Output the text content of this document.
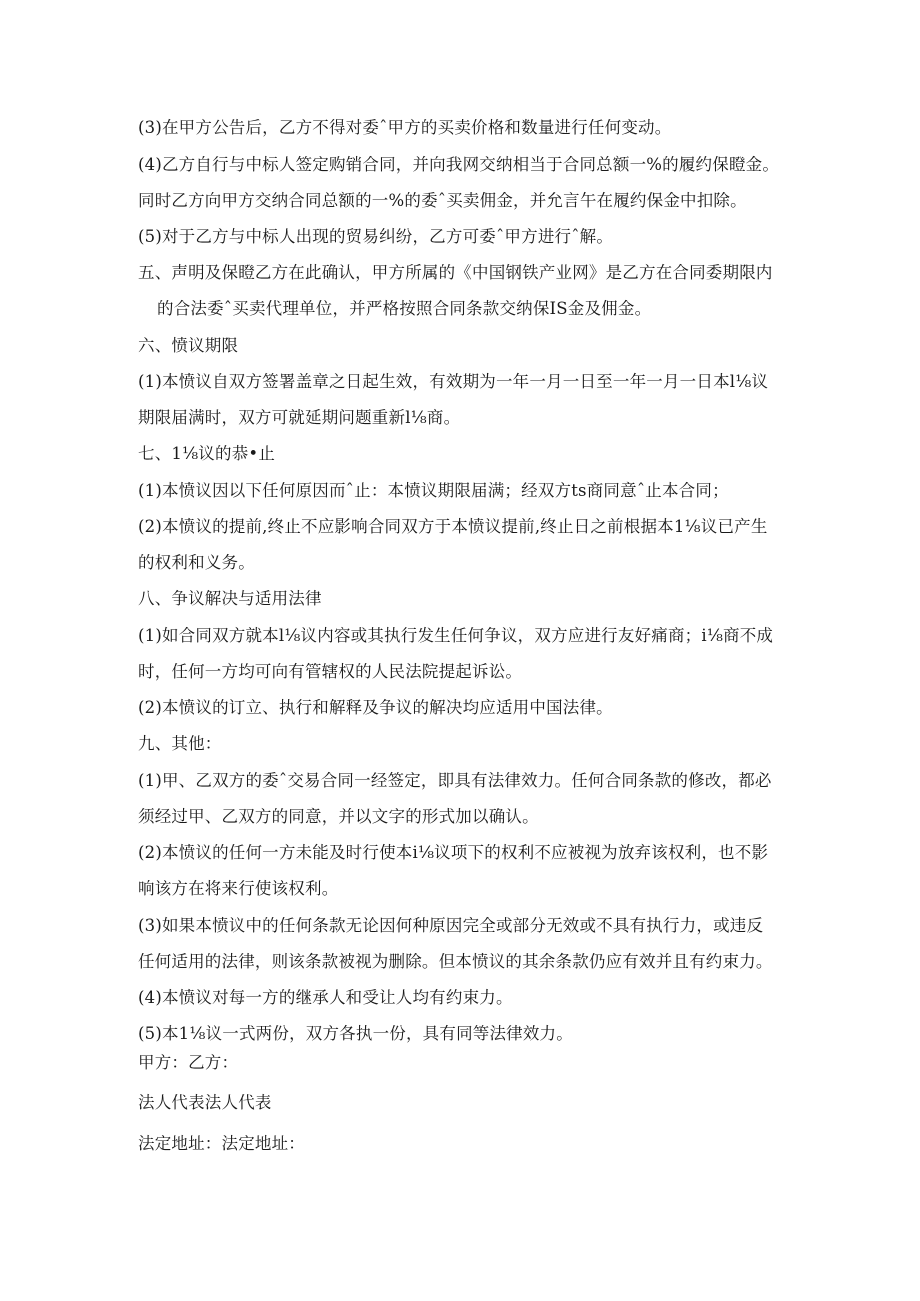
(3)在甲方公告后，乙方不得对委ˆ甲方的买卖价格和数量进行任何变动。
(4)乙方自行与中标人签定购销合同，并向我网交纳相当于合同总额一%的履约保瞪金。
同时乙方向甲方交纳合同总额的一%的委ˆ买卖佣金，并允言午在履约保金中扣除。
(5)对于乙方与中标人出现的贸易纠纷，乙方可委ˆ甲方进行ˆ解。
五、声明及保瞪乙方在此确认，甲方所属的《中国钢铁产业网》是乙方在合同委期限内
的合法委ˆ买卖代理单位，并严格按照合同条款交纳保IS金及佣金。
六、愤议期限
(1)本愤议自双方签署盖章之日起生效，有效期为一年一月一日至一年一月一日本l⅛议
期限届满时，双方可就延期问题重新l⅛商。
七、1⅛议的恭•止
(1)本愤议因以下任何原因而ˆ止：本愤议期限届满；经双方ts商同意ˆ止本合同；
(2)本愤议的提前,终止不应影响合同双方于本愤议提前,终止日之前根据本1⅛议已产生
的权利和义务。
八、争议解决与适用法律
(1)如合同双方就本l⅛议内容或其执行发生任何争议，双方应进行友好痛商；i⅛商不成
时，任何一方均可向有管辖权的人民法院提起诉讼。
(2)本愤议的订立、执行和解释及争议的解决均应适用中国法律。
九、其他：
(1)甲、乙双方的委ˆ交易合同一经签定，即具有法律效力。任何合同条款的修改，都必
须经过甲、乙双方的同意，并以文字的形式加以确认。
(2)本愤议的任何一方未能及时行使本i⅛议项下的权利不应被视为放弃该权利，也不影
响该方在将来行使该权利。
(3)如果本愤议中的任何条款无论因何种原因完全或部分无效或不具有执行力，或违反
任何适用的法律，则该条款被视为删除。但本愤议的其余条款仍应有效并且有约束力。
(4)本愤议对每一方的继承人和受让人均有约束力。
(5)本1⅛议一式两份，双方各执一份，具有同等法律效力。
甲方：乙方：
法人代表法人代表
法定地址：法定地址：
